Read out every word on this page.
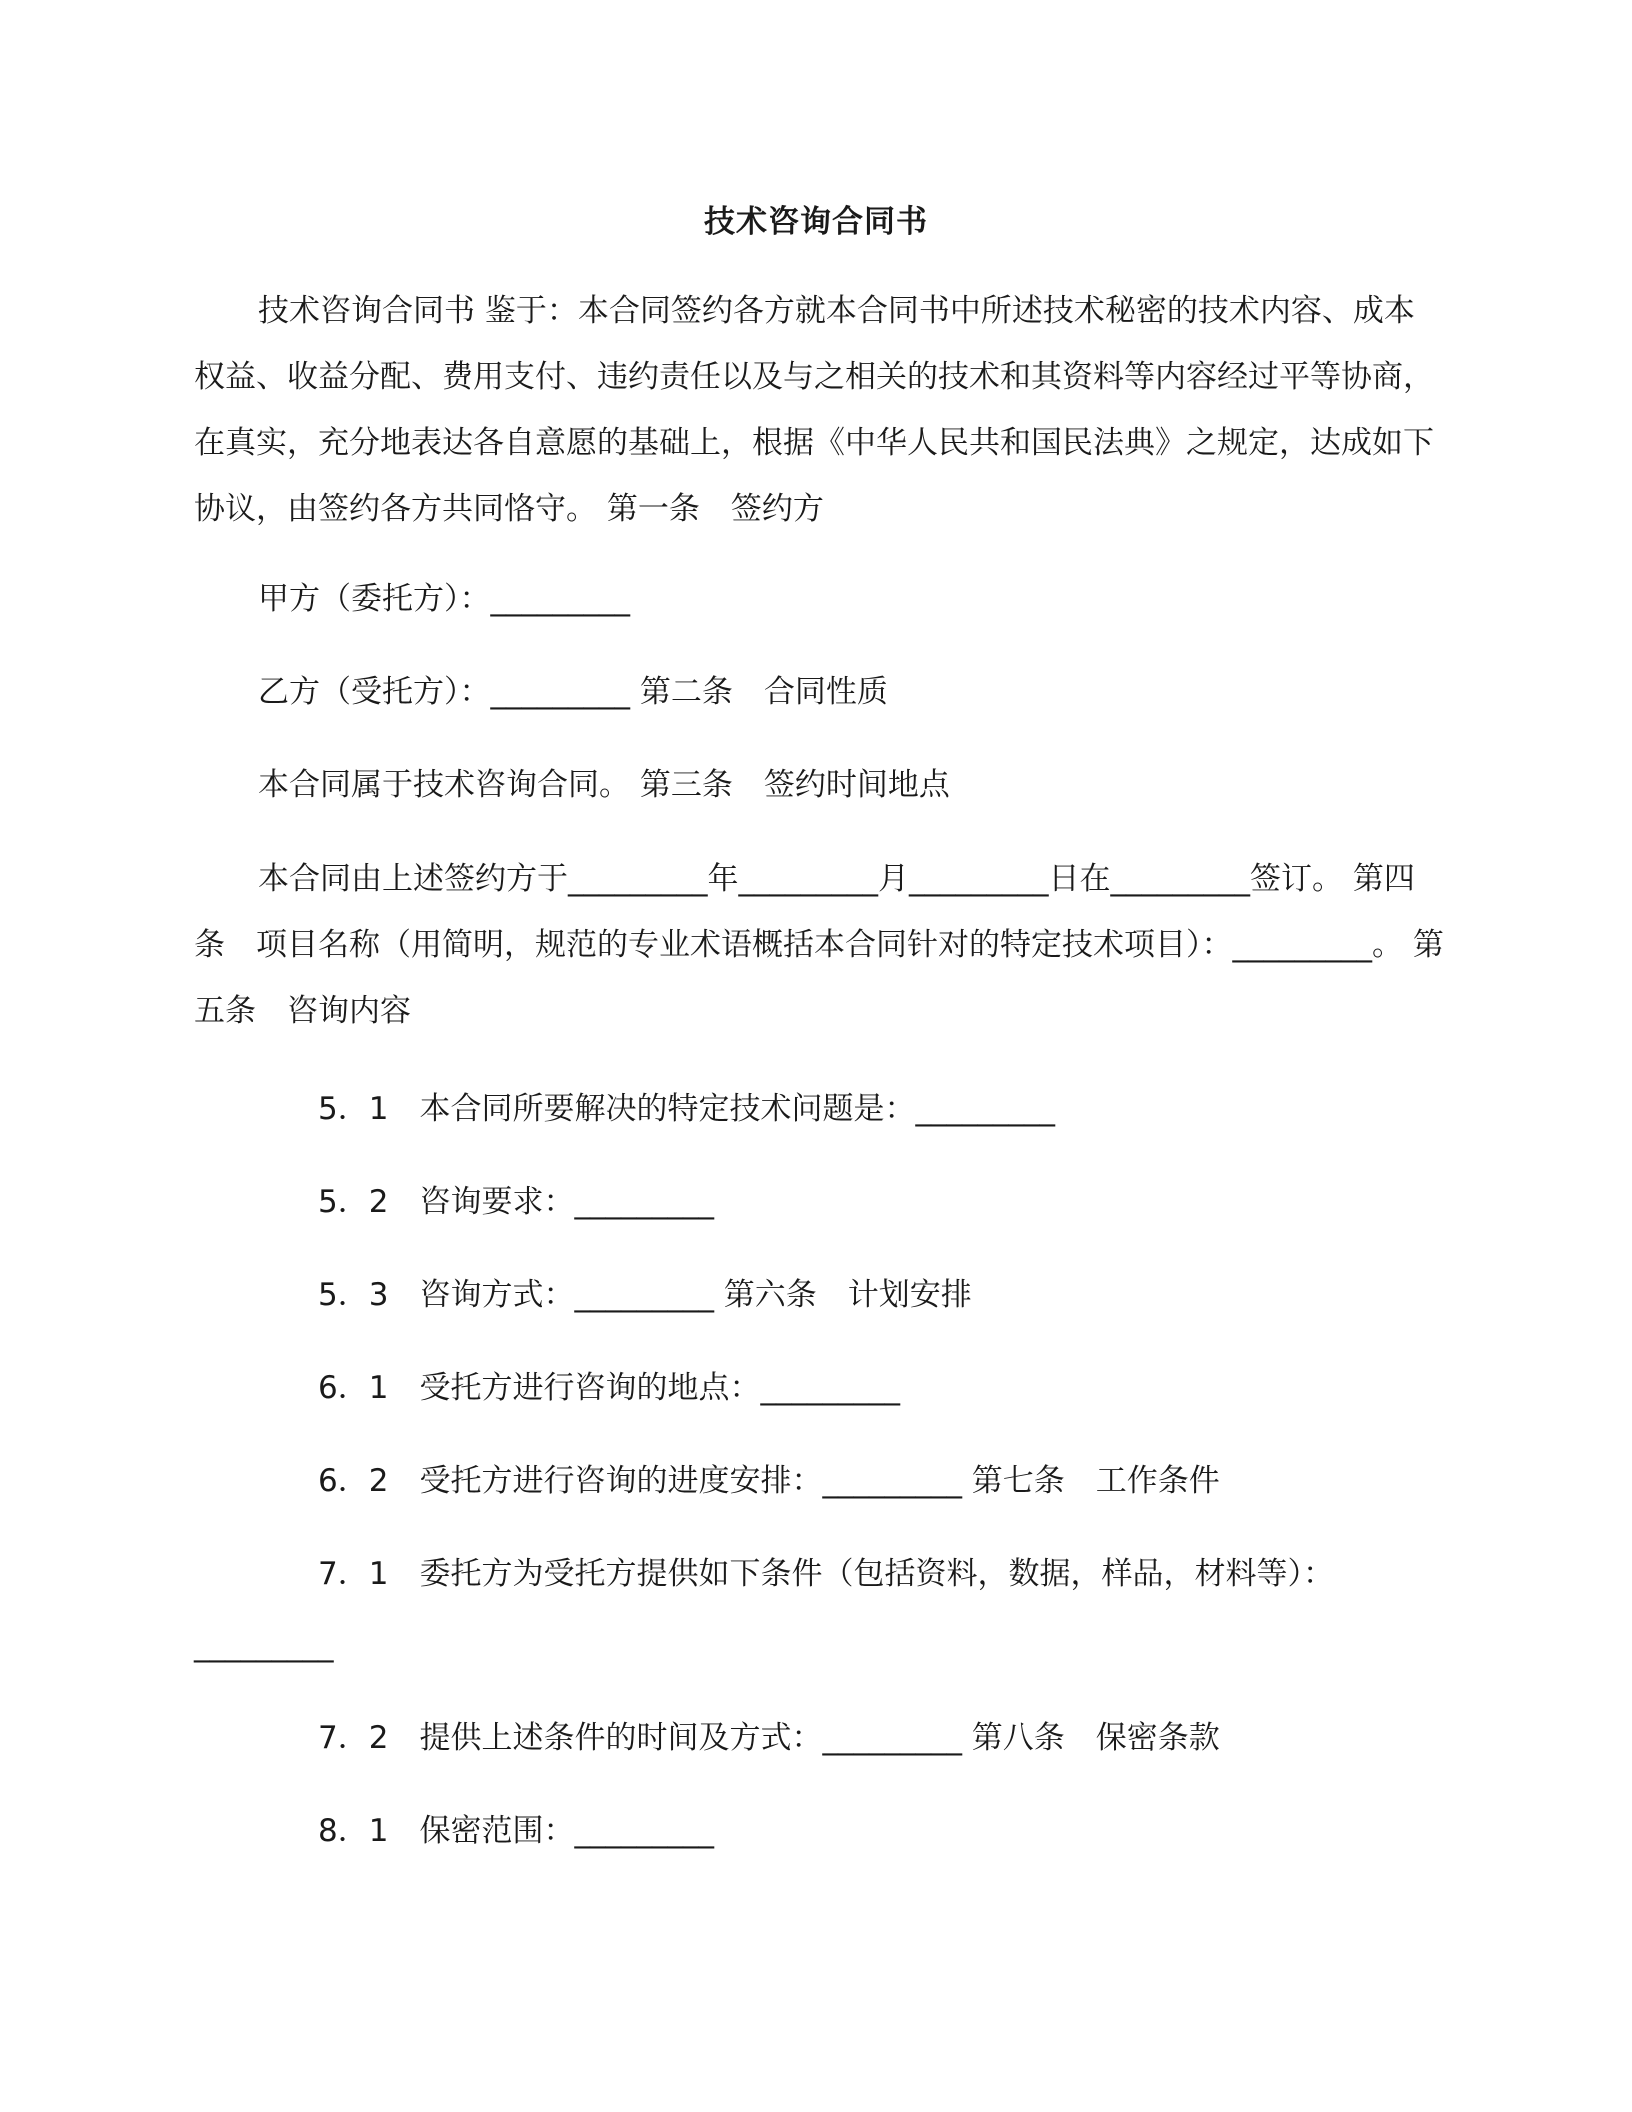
技术咨询合同书

技术咨询合同书 鉴于：本合同签约各方就本合同书中所述技术秘密的技术内容、成本权益、收益分配、费用支付、违约责任以及与之相关的技术和其资料等内容经过平等协商，在真实，充分地表达各自意愿的基础上，根据《中华人民共和国民法典》之规定，达成如下协议，由签约各方共同恪守。 第一条　签约方

甲方（委托方）：_________

乙方（受托方）：_________ 第二条　合同性质

本合同属于技术咨询合同。 第三条　签约时间地点

本合同由上述签约方于_________年_________月_________日在_________签订。 第四条　项目名称（用简明，规范的专业术语概括本合同针对的特定技术项目）：_________。 第五条　咨询内容

5．1　本合同所要解决的特定技术问题是：_________

5．2　咨询要求：_________

5．3　咨询方式：_________ 第六条　计划安排

6．1　受托方进行咨询的地点：_________

6．2　受托方进行咨询的进度安排：_________ 第七条　工作条件

7．1　委托方为受托方提供如下条件（包括资料，数据，样品，材料等）：

_________

7．2　提供上述条件的时间及方式：_________ 第八条　保密条款

8．1　保密范围：_________
